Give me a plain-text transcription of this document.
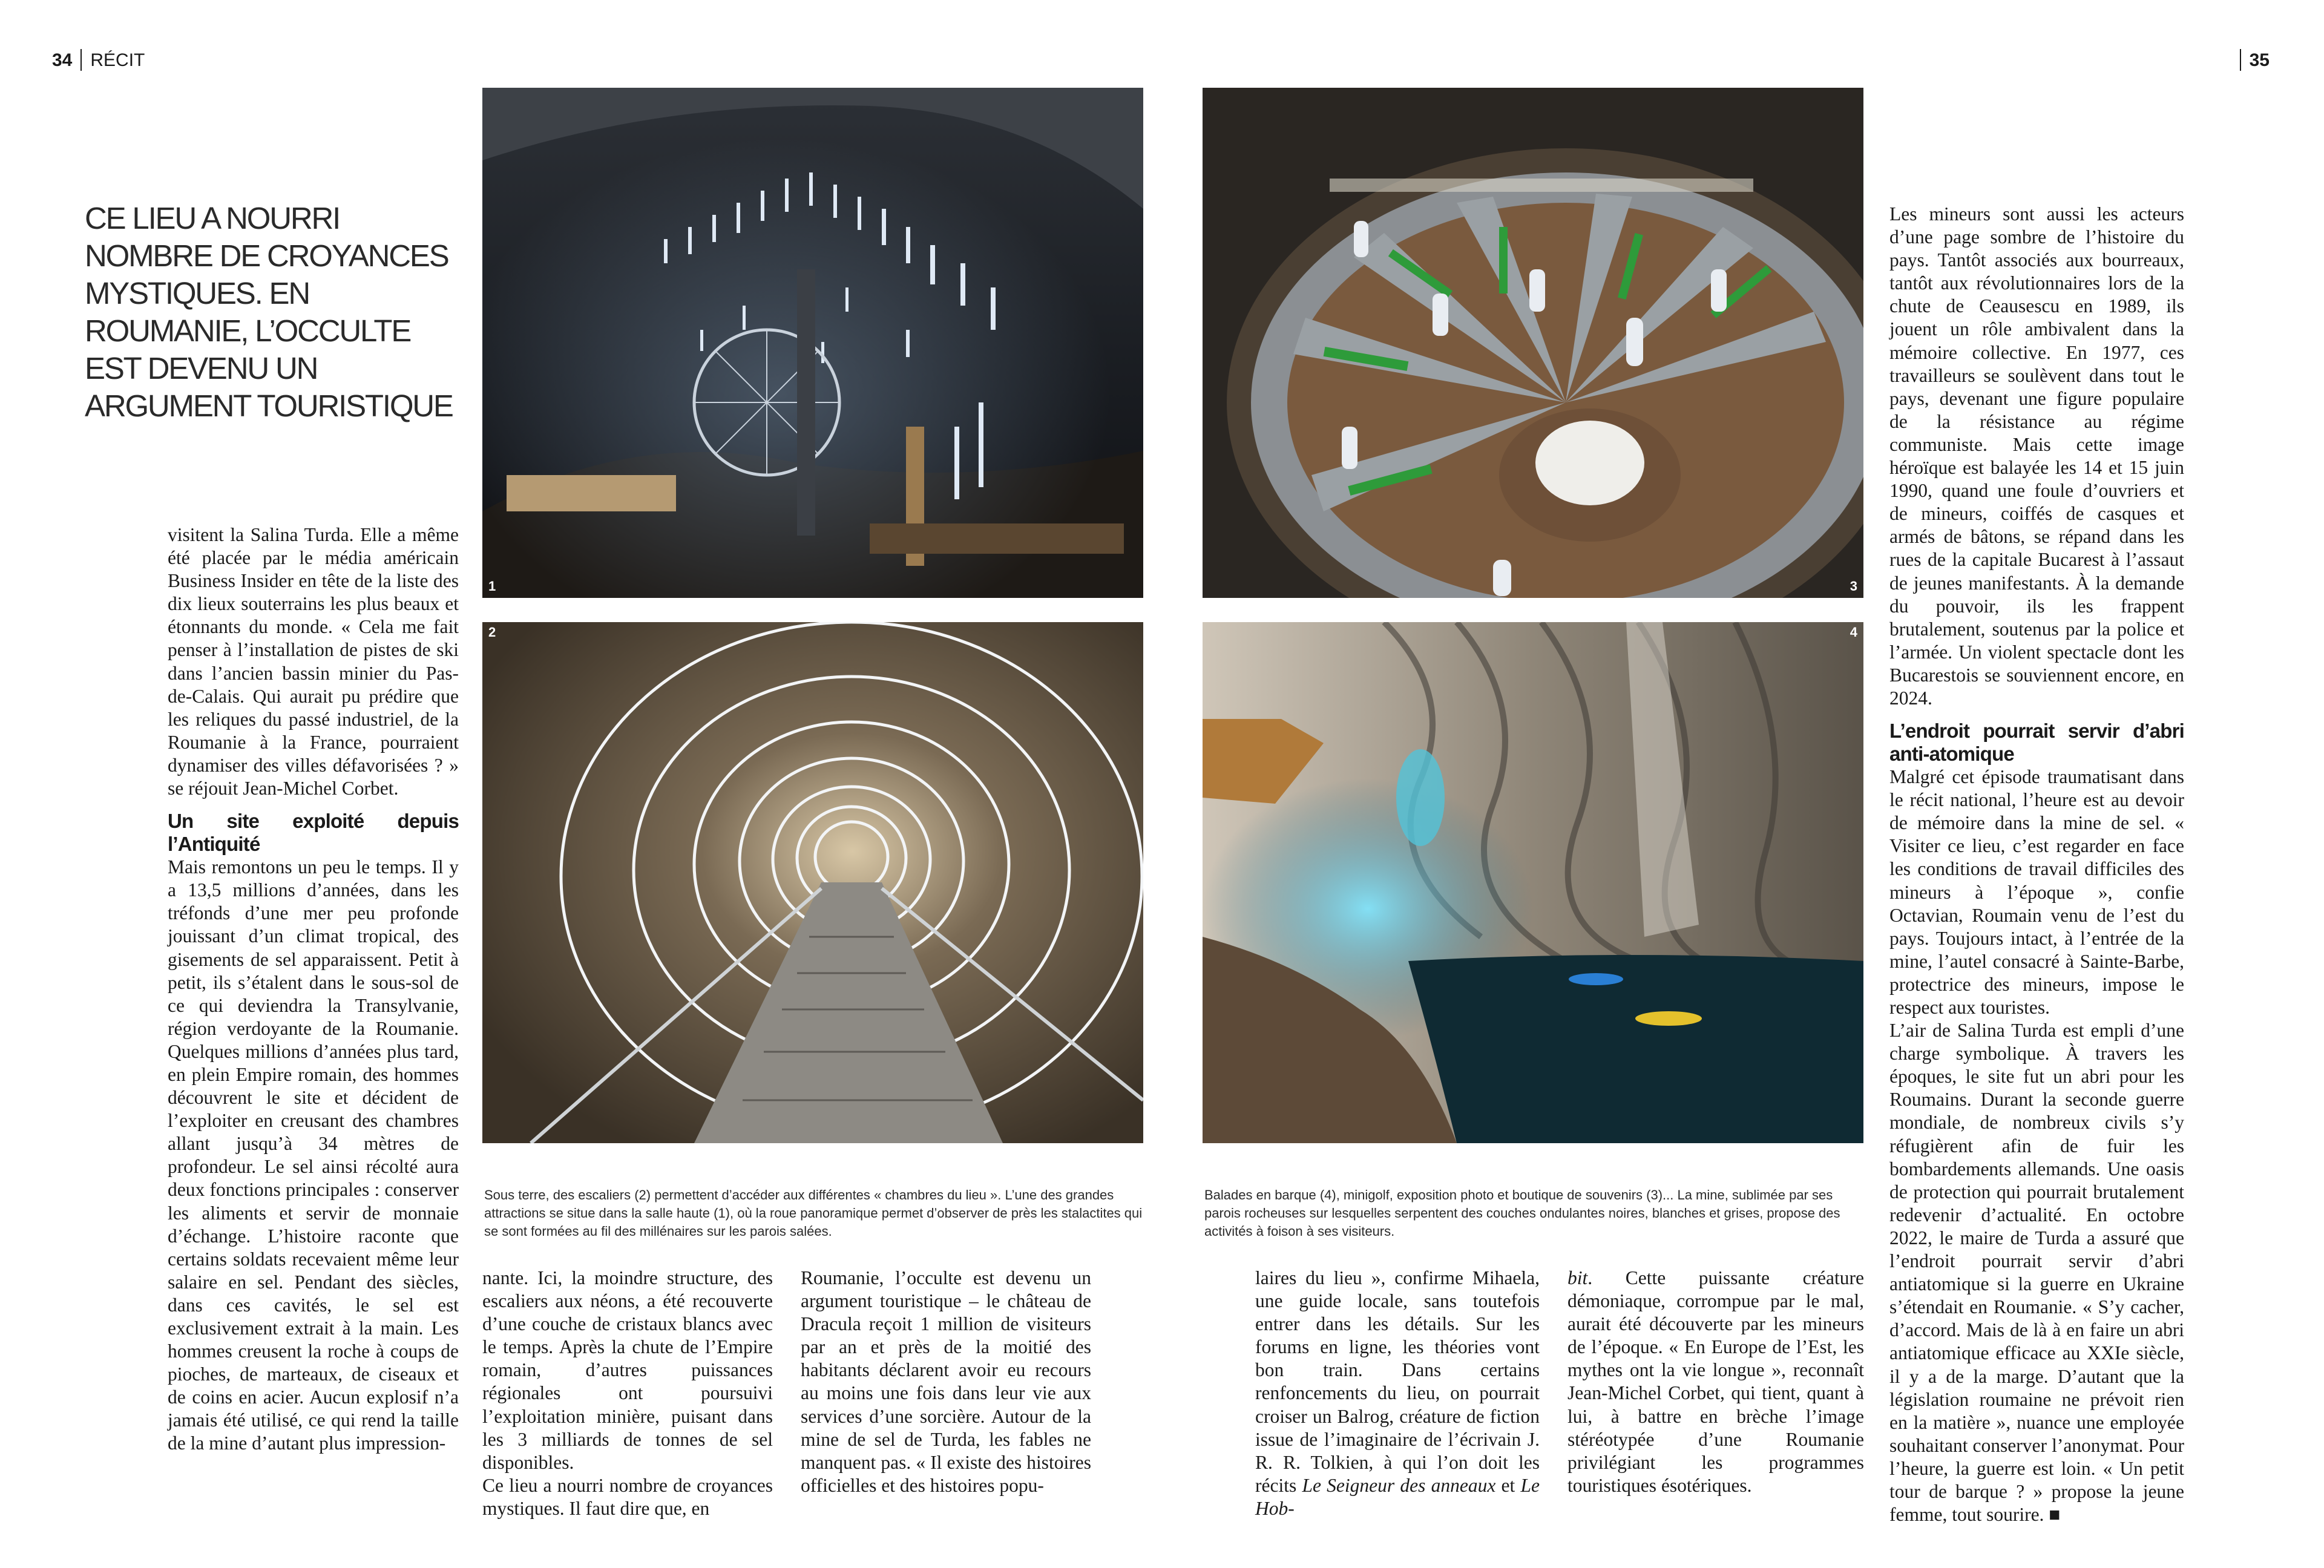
34 RÉCIT	35
CE LIEU A NOURRI NOMBRE DE CROYANCES MYSTIQUES. EN ROUMANIE, L’OCCULTE EST DEVENU UN ARGUMENT TOURISTIQUE
1
2
3
4

Sous terre, des escaliers (2) permettent d’accéder aux différentes « chambres du lieu ». L’une des grandes attractions se situe dans la salle haute (1), où la roue panoramique permet d’observer de près les stalactites qui se sont formées au fil des millénaires sur les parois salées.

Balades en barque (4), minigolf, exposition photo et boutique de souvenirs (3)... La mine, sublimée par ses parois rocheuses sur lesquelles serpentent des couches ondulantes noires, blanches et grises, propose des activités à foison à ses visiteurs.

visitent la Salina Turda. Elle a même été placée par le média américain Business Insider en tête de la liste des dix lieux souterrains les plus beaux et étonnants du monde. « Cela me fait penser à l’installation de pistes de ski dans l’ancien bassin minier du Pas-de-Calais. Qui aurait pu prédire que les reliques du passé industriel, de la Roumanie à la France, pourraient dynamiser des villes défavorisées ? » se réjouit Jean-Michel Corbet.

Un site exploité depuis l’Antiquité

Mais remontons un peu le temps. Il y a 13,5 millions d’années, dans les tréfonds d’une mer peu profonde jouissant d’un climat tropical, des gisements de sel apparaissent. Petit à petit, ils s’étalent dans le sous-sol de ce qui deviendra la Transylvanie, région verdoyante de la Roumanie. Quelques millions d’années plus tard, en plein Empire romain, des hommes découvrent le site et décident de l’exploiter en creusant des chambres allant jusqu’à 34 mètres de profondeur. Le sel ainsi récolté aura deux fonctions principales : conserver les aliments et servir de monnaie d’échange. L’histoire raconte que certains soldats recevaient même leur salaire en sel. Pendant des siècles, dans ces cavités, le sel est exclusivement extrait à la main. Les hommes creusent la roche à coups de pioches, de marteaux, de ciseaux et de coins en acier. Aucun explosif n’a jamais été utilisé, ce qui rend la taille de la mine d’autant plus impression-

nante. Ici, la moindre structure, des escaliers aux néons, a été recouverte d’une couche de cristaux blancs avec le temps. Après la chute de l’Empire romain, d’autres puissances régionales ont poursuivi l’exploitation minière, puisant dans les 3 milliards de tonnes de sel disponibles.

Ce lieu a nourri nombre de croyances mystiques. Il faut dire que, en

Roumanie, l’occulte est devenu un argument touristique – le château de Dracula reçoit 1 million de visiteurs par an et près de la moitié des habitants déclarent avoir eu recours au moins une fois dans leur vie aux services d’une sorcière. Autour de la mine de sel de Turda, les fables ne manquent pas. « Il existe des histoires officielles et des histoires popu-

laires du lieu », confirme Mihaela, une guide locale, sans toutefois entrer dans les détails. Sur les forums en ligne, les théories vont bon train. Dans certains renfoncements du lieu, on pourrait croiser un Balrog, créature de fiction issue de l’imaginaire de l’écrivain J. R. R. Tolkien, à qui l’on doit les récits Le Seigneur des anneaux et Le Hob-

bit. Cette puissante créature démoniaque, corrompue par le mal, aurait été découverte par les mineurs de l’époque. « En Europe de l’Est, les mythes ont la vie longue », reconnaît Jean-Michel Corbet, qui tient, quant à lui, à battre en brèche l’image stéréotypée d’une Roumanie privilégiant les programmes touristiques ésotériques.

Les mineurs sont aussi les acteurs d’une page sombre de l’histoire du pays. Tantôt associés aux bourreaux, tantôt aux révolutionnaires lors de la chute de Ceausescu en 1989, ils jouent un rôle ambivalent dans la mémoire collective. En 1977, ces travailleurs se soulèvent dans tout le pays, devenant une figure populaire de la résistance au régime communiste. Mais cette image héroïque est balayée les 14 et 15 juin 1990, quand une foule d’ouvriers et de mineurs, coiffés de casques et armés de bâtons, se répand dans les rues de la capitale Bucarest à l’assaut de jeunes manifestants. À la demande du pouvoir, ils les frappent brutalement, soutenus par la police et l’armée. Un violent spectacle dont les Bucarestois se souviennent encore, en 2024.

L’endroit pourrait servir d’abri anti-atomique

Malgré cet épisode traumatisant dans le récit national, l’heure est au devoir de mémoire dans la mine de sel. « Visiter ce lieu, c’est regarder en face les conditions de travail difficiles des mineurs à l’époque », confie Octavian, Roumain venu de l’est du pays. Toujours intact, à l’entrée de la mine, l’autel consacré à Sainte-Barbe, protectrice des mineurs, impose le respect aux touristes.

L’air de Salina Turda est empli d’une charge symbolique. À travers les époques, le site fut un abri pour les Roumains. Durant la seconde guerre mondiale, de nombreux civils s’y réfugièrent afin de fuir les bombardements allemands. Une oasis de protection qui pourrait brutalement redevenir d’actualité. En octobre 2022, le maire de Turda a assuré que l’endroit pourrait servir d’abri antiatomique si la guerre en Ukraine s’étendait en Roumanie. « S’y cacher, d’accord. Mais de là à en faire un abri antiatomique efficace au XXIe siècle, il y a de la marge. D’autant que la législation roumaine ne prévoit rien en la matière », nuance une employée souhaitant conserver l’anonymat. Pour l’heure, la guerre est loin. « Un petit tour de barque ? » propose la jeune femme, tout sourire. ■
